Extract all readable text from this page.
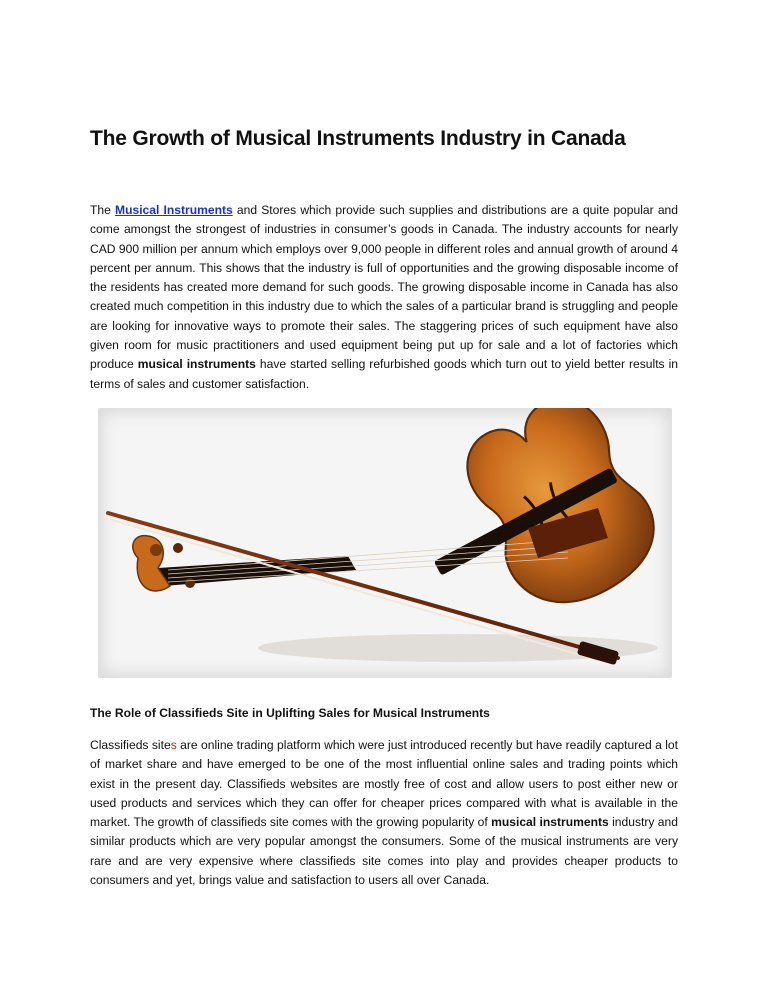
The Growth of Musical Instruments Industry in Canada

The Musical Instruments and Stores which provide such supplies and distributions are a quite popular and come amongst the strongest of industries in consumer’s goods in Canada. The industry accounts for nearly CAD 900 million per annum which employs over 9,000 people in different roles and annual growth of around 4 percent per annum. This shows that the industry is full of opportunities and the growing disposable income of the residents has created more demand for such goods. The growing disposable income in Canada has also created much competition in this industry due to which the sales of a particular brand is struggling and people are looking for innovative ways to promote their sales. The staggering prices of such equipment have also given room for music practitioners and used equipment being put up for sale and a lot of factories which produce musical instruments have started selling refurbished goods which turn out to yield better results in terms of sales and customer satisfaction.

The Role of Classifieds Site in Uplifting Sales for Musical Instruments

Classifieds sites are online trading platform which were just introduced recently but have readily captured a lot of market share and have emerged to be one of the most influential online sales and trading points which exist in the present day. Classifieds websites are mostly free of cost and allow users to post either new or used products and services which they can offer for cheaper prices compared with what is available in the market. The growth of classifieds site comes with the growing popularity of musical instruments industry and similar products which are very popular amongst the consumers. Some of the musical instruments are very rare and are very expensive where classifieds site comes into play and provides cheaper products to consumers and yet, brings value and satisfaction to users all over Canada.
